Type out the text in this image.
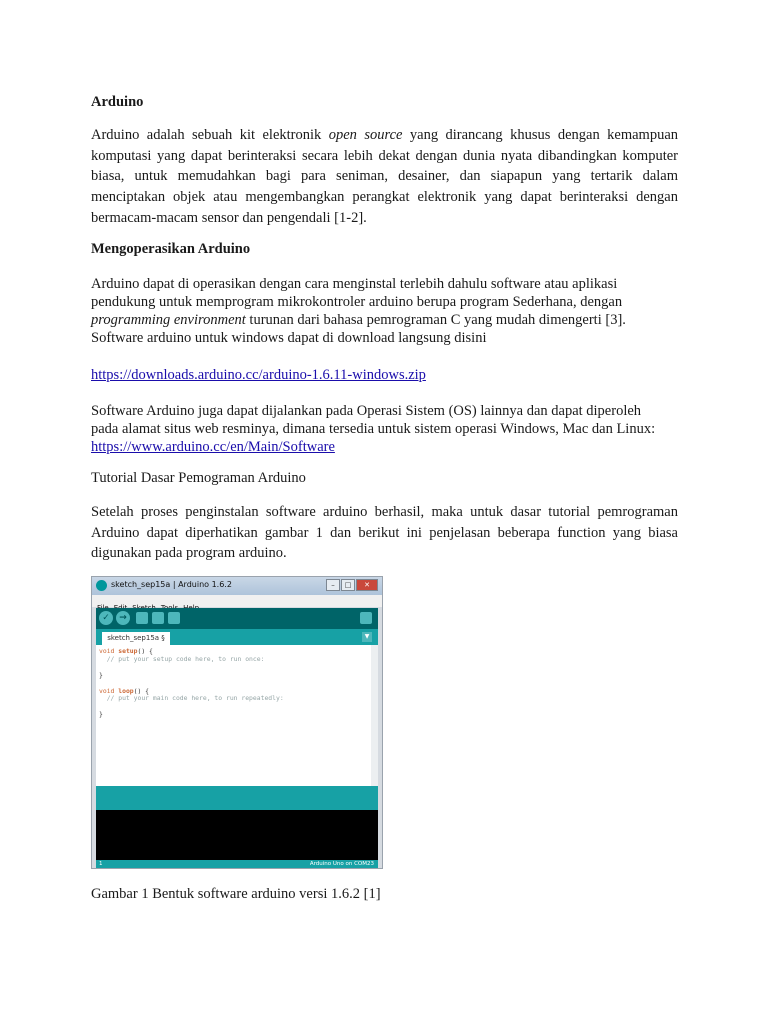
Arduino
Arduino adalah sebuah kit elektronik open source yang dirancang khusus dengan kemampuan
komputasi yang dapat berinteraksi secara lebih dekat dengan dunia nyata dibandingkan komputer
biasa, untuk memudahkan bagi para seniman, desainer, dan siapapun yang tertarik dalam
menciptakan objek atau mengembangkan perangkat elektronik yang dapat berinteraksi dengan
bermacam-macam sensor dan pengendali [1-2].
Mengoperasikan Arduino
Arduino dapat di operasikan dengan cara menginstal terlebih dahulu software atau aplikasi
pendukung untuk memprogram mikrokontroler arduino berupa program Sederhana, dengan
programming environment turunan dari bahasa pemrograman C yang mudah dimengerti [3].
Software arduino untuk windows dapat di download langsung disini
https://downloads.arduino.cc/arduino-1.6.11-windows.zip
Software Arduino juga dapat dijalankan pada Operasi Sistem (OS) lainnya dan dapat diperoleh
pada alamat situs web resminya, dimana tersedia untuk sistem operasi Windows, Mac dan Linux:
https://www.arduino.cc/en/Main/Software
Tutorial Dasar Pemograman Arduino
Setelah proses penginstalan software arduino berhasil, maka untuk dasar tutorial pemrograman
Arduino dapat diperhatikan gambar 1 dan berikut ini penjelasan beberapa function yang biasa
digunakan pada program arduino.
Gambar 1 Bentuk software arduino versi 1.6.2 [1]
sketch_sep15a | Arduino 1.6.2	–	□	✕
✓	→
sketch_sep15a §	▼
void setup() {
// put your setup code here, to run once:

}

void loop() {
// put your main code here, to run repeatedly:

}
1	Arduino Uno on COM23
